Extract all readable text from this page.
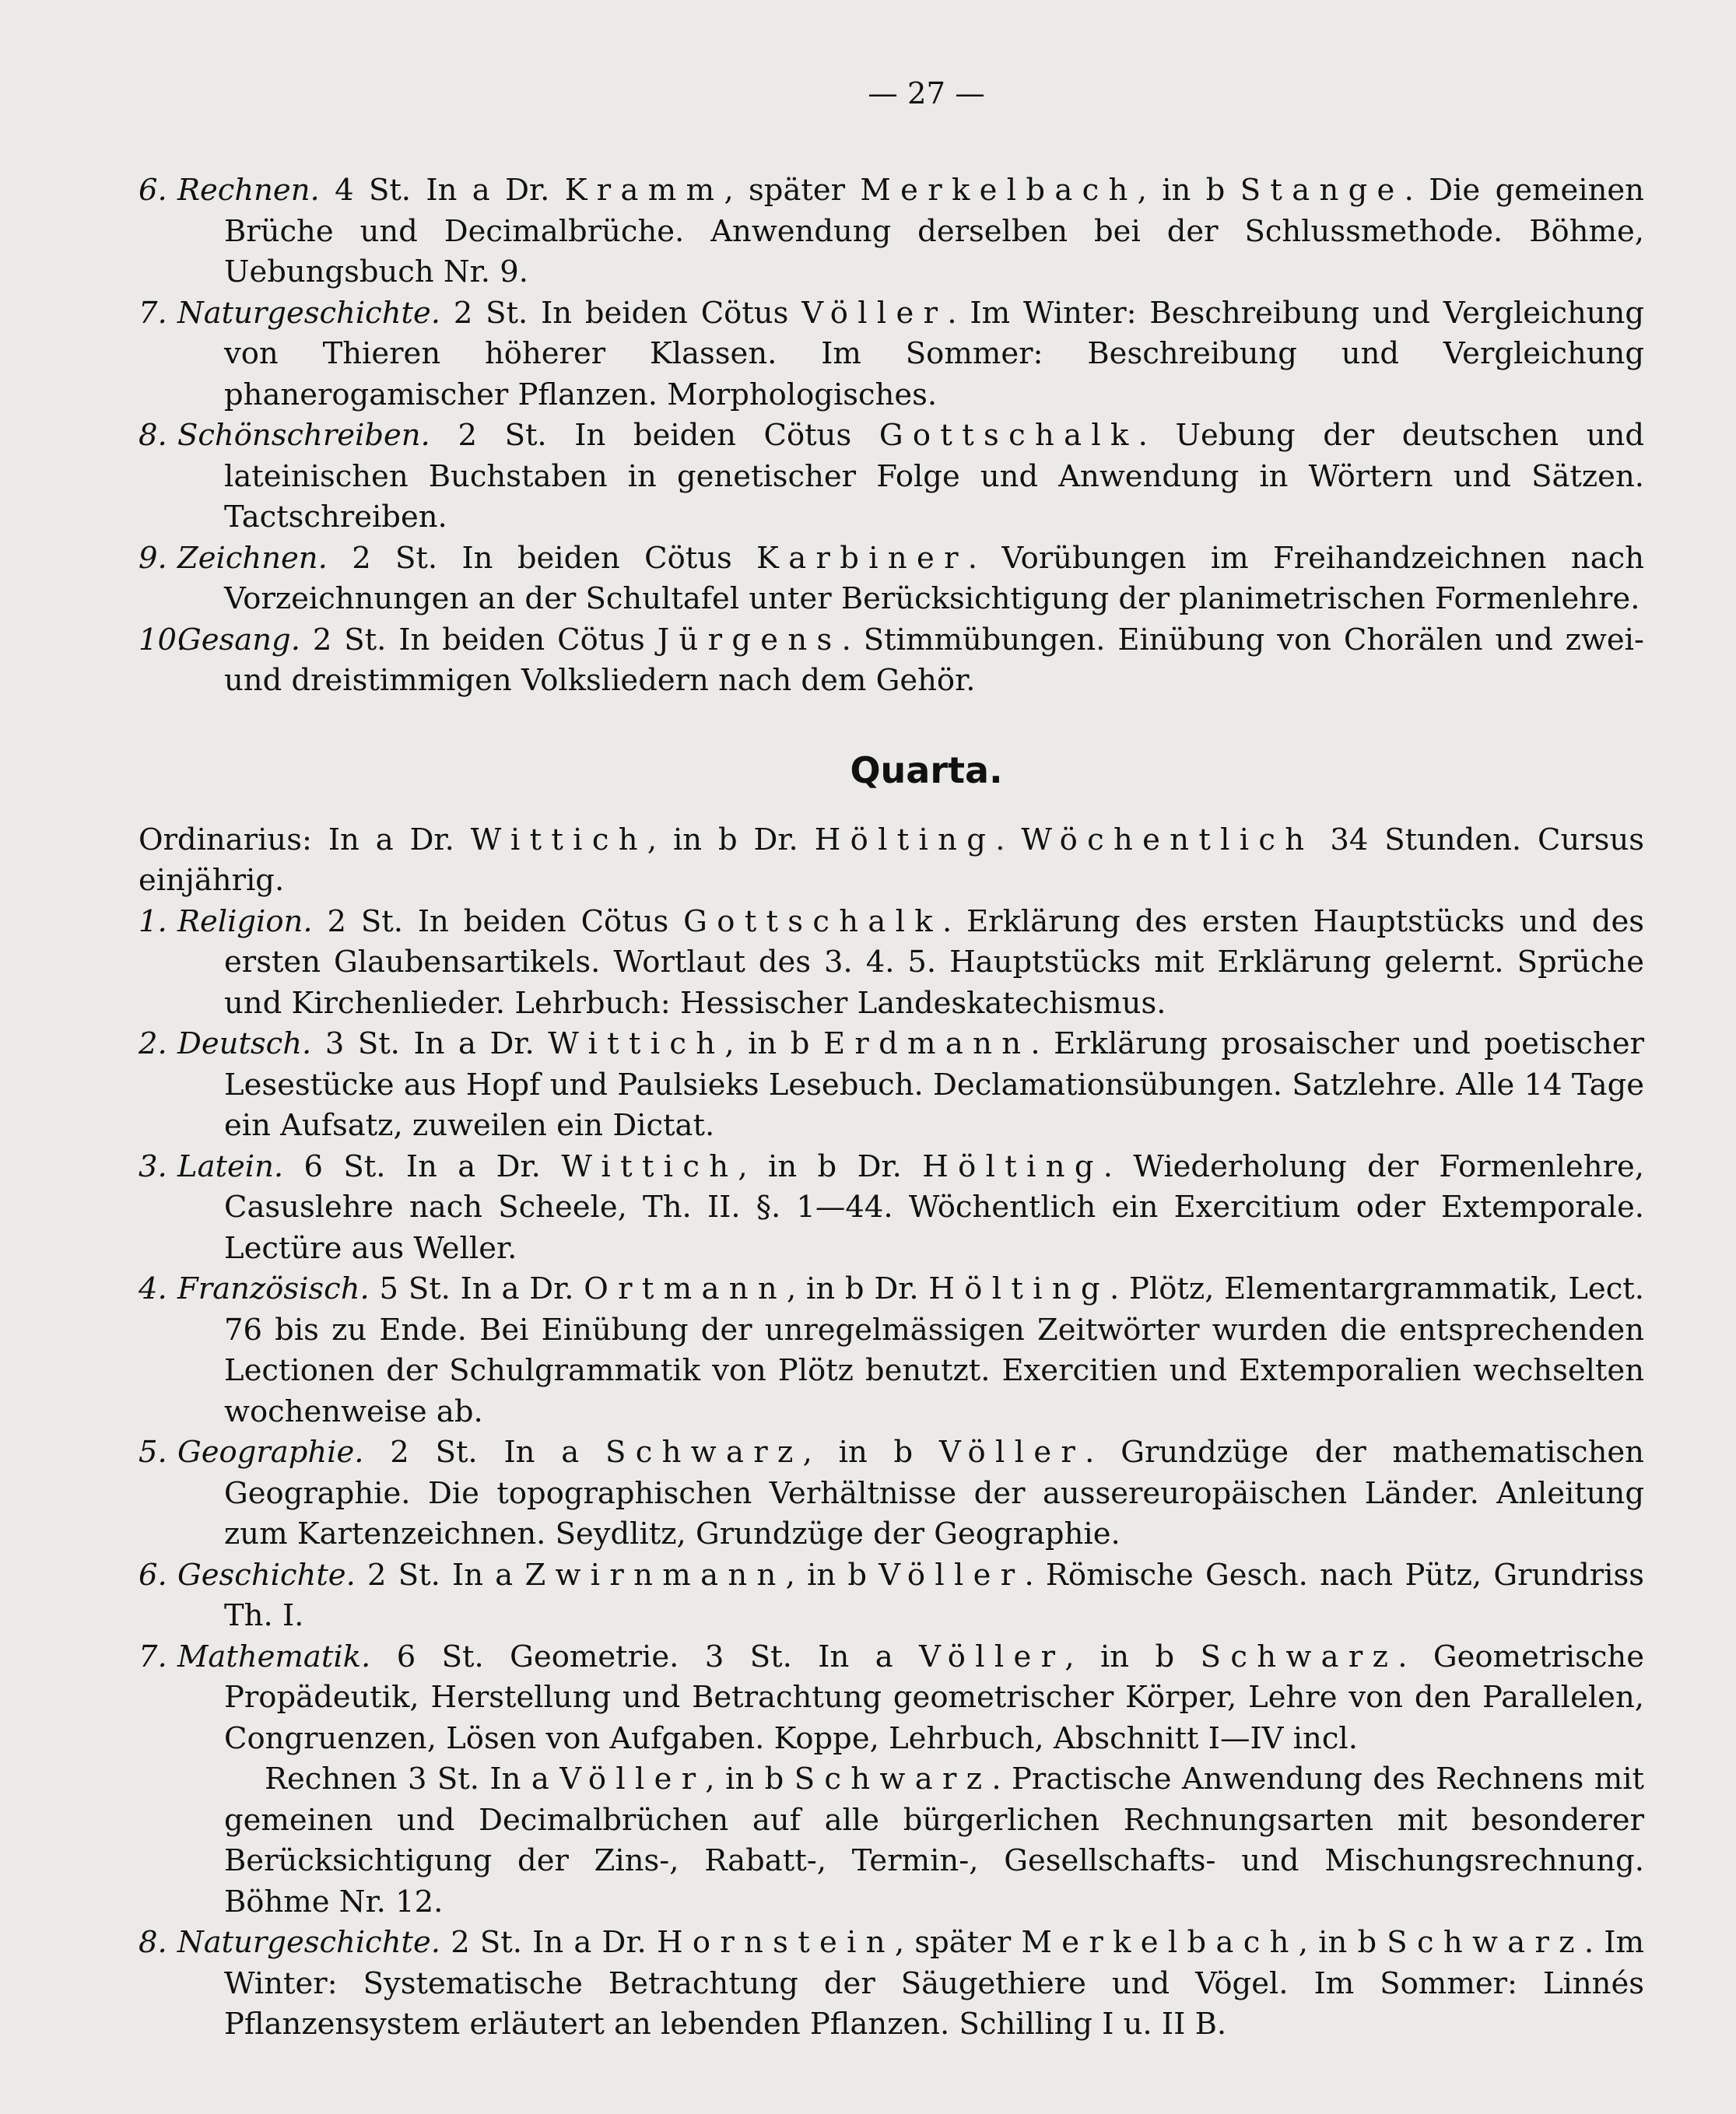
— 27 —

6. Rechnen. 4 St. In a Dr. Kramm, später Merkelbach, in b Stange. Die gemeinen Brüche und Decimalbrüche. Anwendung derselben bei der Schlussmethode. Böhme, Uebungsbuch Nr. 9.

7. Naturgeschichte. 2 St. In beiden Cötus Völler. Im Winter: Beschreibung und Vergleichung von Thieren höherer Klassen. Im Sommer: Beschreibung und Vergleichung phanerogamischer Pflanzen. Morphologisches.

8. Schönschreiben. 2 St. In beiden Cötus Gottschalk. Uebung der deutschen und lateinischen Buchstaben in genetischer Folge und Anwendung in Wörtern und Sätzen. Tactschreiben.

9. Zeichnen. 2 St. In beiden Cötus Karbiner. Vorübungen im Freihandzeichnen nach Vorzeichnungen an der Schultafel unter Berücksichtigung der planimetrischen Formenlehre.

10.Gesang. 2 St. In beiden Cötus Jürgens. Stimmübungen. Einübung von Chorälen und zwei- und dreistimmigen Volksliedern nach dem Gehör.

Quarta.

Ordinarius: In a Dr. Wittich, in b Dr. Hölting. Wöchentlich 34 Stunden. Cursus einjährig.

1. Religion. 2 St. In beiden Cötus Gottschalk. Erklärung des ersten Hauptstücks und des ersten Glaubensartikels. Wortlaut des 3. 4. 5. Hauptstücks mit Erklärung gelernt. Sprüche und Kirchenlieder. Lehrbuch: Hessischer Landeskatechismus.

2. Deutsch. 3 St. In a Dr. Wittich, in b Erdmann. Erklärung prosaischer und poetischer Lesestücke aus Hopf und Paulsieks Lesebuch. Declamationsübungen. Satzlehre. Alle 14 Tage ein Aufsatz, zuweilen ein Dictat.

3. Latein. 6 St. In a Dr. Wittich, in b Dr. Hölting. Wiederholung der Formenlehre, Casuslehre nach Scheele, Th. II. §. 1—44. Wöchentlich ein Exercitium oder Extemporale. Lectüre aus Weller.

4. Französisch. 5 St. In a Dr. Ortmann, in b Dr. Hölting. Plötz, Elementargrammatik, Lect. 76 bis zu Ende. Bei Einübung der unregelmässigen Zeitwörter wurden die entsprechenden Lectionen der Schulgrammatik von Plötz benutzt. Exercitien und Extemporalien wechselten wochenweise ab.

5. Geographie. 2 St. In a Schwarz, in b Völler. Grundzüge der mathematischen Geographie. Die topographischen Verhältnisse der aussereuropäischen Länder. Anleitung zum Kartenzeichnen. Seydlitz, Grundzüge der Geographie.

6. Geschichte. 2 St. In a Zwirnmann, in b Völler. Römische Gesch. nach Pütz, Grundriss Th. I.

7. Mathematik. 6 St. Geometrie. 3 St. In a Völler, in b Schwarz. Geometrische Propädeutik, Herstellung und Betrachtung geometrischer Körper, Lehre von den Parallelen, Congruenzen, Lösen von Aufgaben. Koppe, Lehrbuch, Abschnitt I—IV incl.

Rechnen 3 St. In a Völler, in b Schwarz. Practische Anwendung des Rechnens mit gemeinen und Decimalbrüchen auf alle bürgerlichen Rechnungsarten mit besonderer Berücksichtigung der Zins-, Rabatt-, Termin-, Gesellschafts- und Mischungsrechnung. Böhme Nr. 12.

8. Naturgeschichte. 2 St. In a Dr. Hornstein, später Merkelbach, in b Schwarz. Im Winter: Systematische Betrachtung der Säugethiere und Vögel. Im Sommer: Linnés Pflanzensystem erläutert an lebenden Pflanzen. Schilling I u. II B.
